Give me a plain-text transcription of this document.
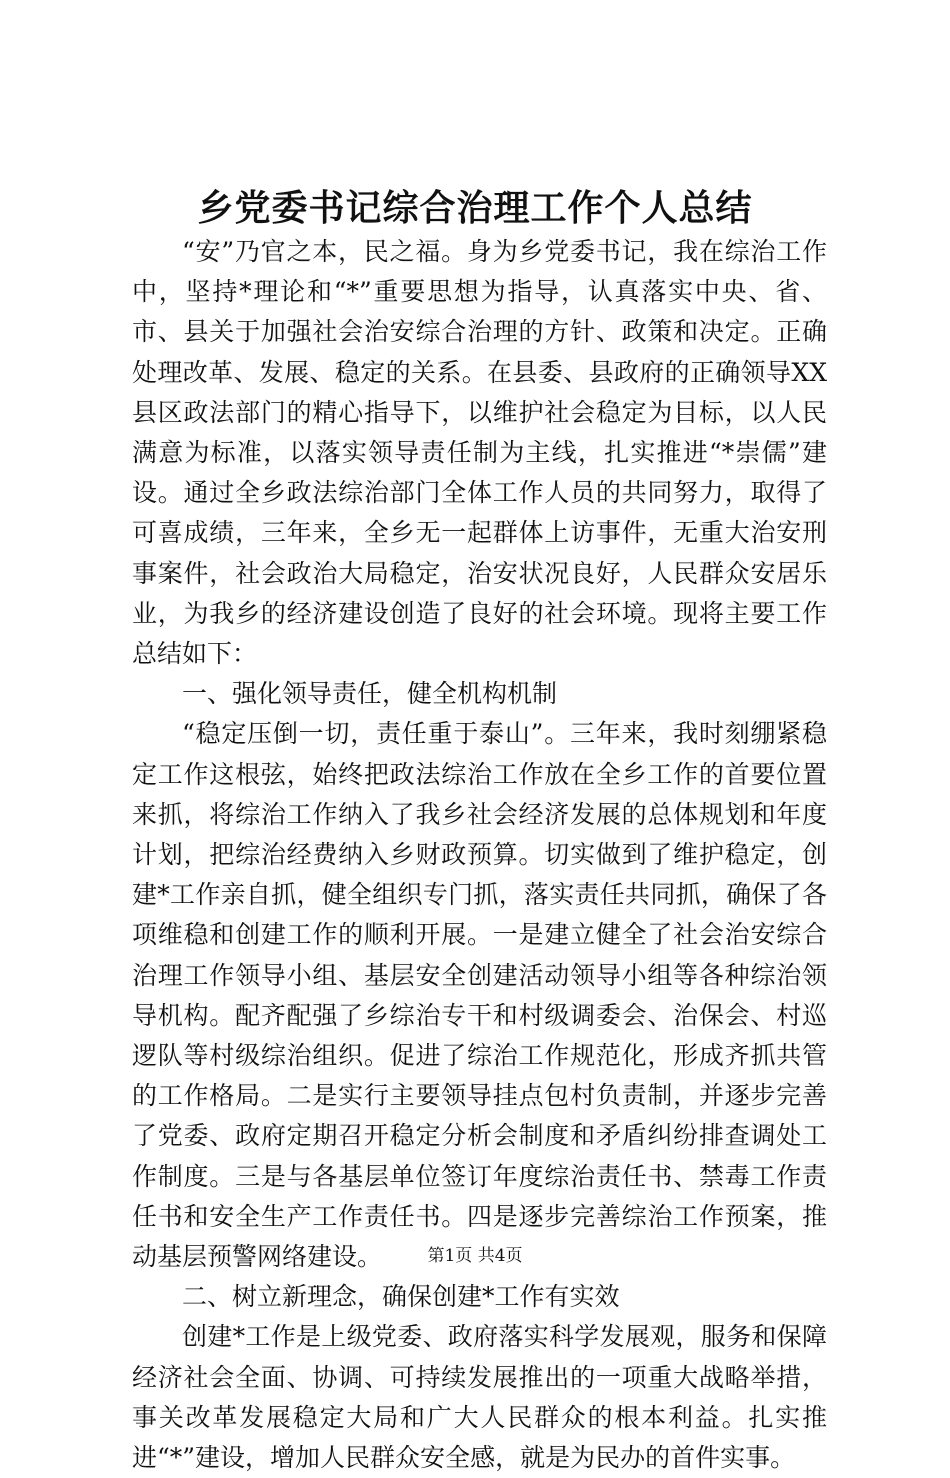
乡党委书记综合治理工作个人总结

“安”乃官之本，民之福。身为乡党委书记，我在综治工作中，坚持*理论和“*”重要思想为指导，认真落实中央、省、市、县关于加强社会治安综合治理的方针、政策和决定。正确处理改革、发展、稳定的关系。在县委、县政府的正确领导XX县区政法部门的精心指导下，以维护社会稳定为目标，以人民满意为标准，以落实领导责任制为主线，扎实推进“*崇儒”建设。通过全乡政法综治部门全体工作人员的共同努力，取得了可喜成绩，三年来，全乡无一起群体上访事件，无重大治安刑事案件，社会政治大局稳定，治安状况良好，人民群众安居乐业，为我乡的经济建设创造了良好的社会环境。现将主要工作总结如下：

一、强化领导责任，健全机构机制

“稳定压倒一切，责任重于泰山”。三年来，我时刻绷紧稳定工作这根弦，始终把政法综治工作放在全乡工作的首要位置来抓，将综治工作纳入了我乡社会经济发展的总体规划和年度计划，把综治经费纳入乡财政预算。切实做到了维护稳定，创建*工作亲自抓，健全组织专门抓，落实责任共同抓，确保了各项维稳和创建工作的顺利开展。一是建立健全了社会治安综合治理工作领导小组、基层安全创建活动领导小组等各种综治领导机构。配齐配强了乡综治专干和村级调委会、治保会、村巡逻队等村级综治组织。促进了综治工作规范化，形成齐抓共管的工作格局。二是实行主要领导挂点包村负责制，并逐步完善了党委、政府定期召开稳定分析会制度和矛盾纠纷排查调处工作制度。三是与各基层单位签订年度综治责任书、禁毒工作责任书和安全生产工作责任书。四是逐步完善综治工作预案，推动基层预警网络建设。

二、树立新理念，确保创建*工作有实效

创建*工作是上级党委、政府落实科学发展观，服务和保障经济社会全面、协调、可持续发展推出的一项重大战略举措，事关改革发展稳定大局和广大人民群众的根本利益。扎实推进“*”建设，增加人民群众安全感，就是为民办的首件实事。

第1页 共4页
